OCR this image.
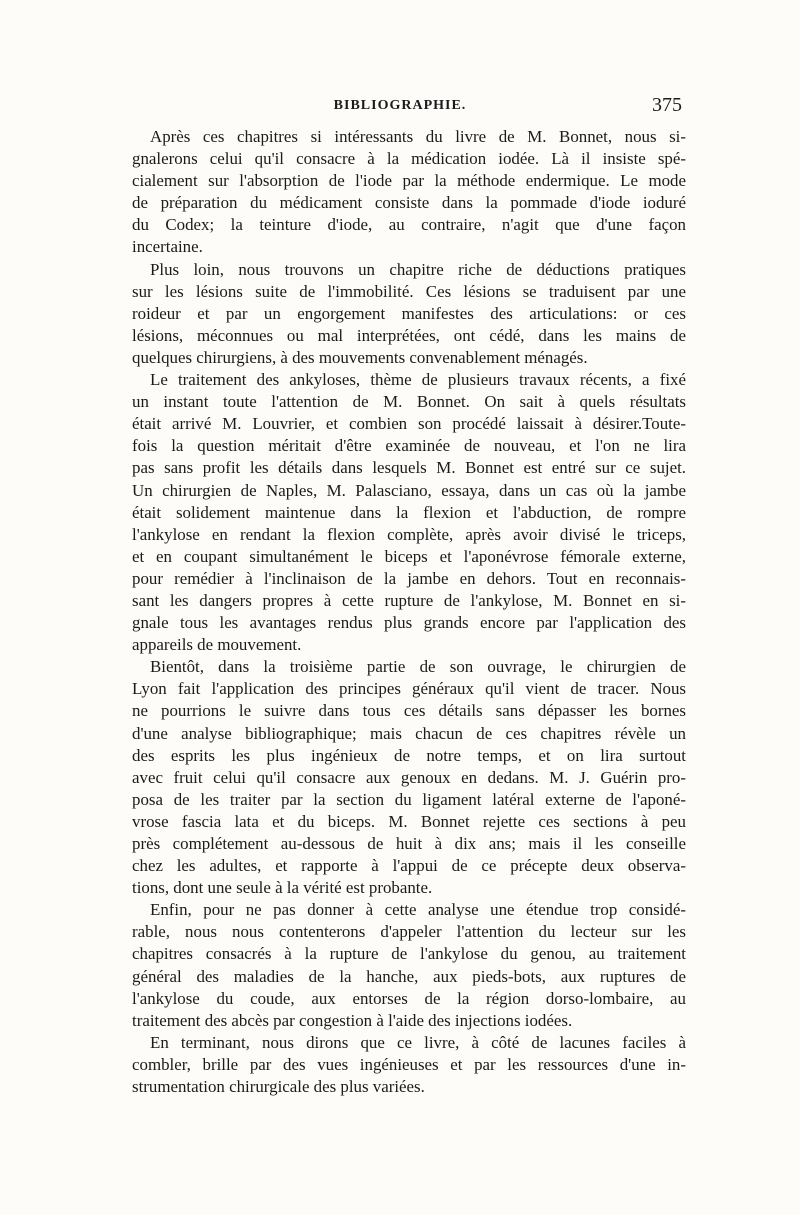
BIBLIOGRAPHIE.	375
Après ces chapitres si intéressants du livre de M. Bonnet, nous si-
gnalerons celui qu'il consacre à la médication iodée. Là il insiste spé-
cialement sur l'absorption de l'iode par la méthode endermique. Le mode
de préparation du médicament consiste dans la pommade d'iode ioduré
du Codex; la teinture d'iode, au contraire, n'agit que d'une façon
incertaine.
Plus loin, nous trouvons un chapitre riche de déductions pratiques
sur les lésions suite de l'immobilité. Ces lésions se traduisent par une
roideur et par un engorgement manifestes des articulations: or ces
lésions, méconnues ou mal interprétées, ont cédé, dans les mains de
quelques chirurgiens, à des mouvements convenablement ménagés.
Le traitement des ankyloses, thème de plusieurs travaux récents, a fixé
un instant toute l'attention de M. Bonnet. On sait à quels résultats
était arrivé M. Louvrier, et combien son procédé laissait à désirer.Toute-
fois la question méritait d'être examinée de nouveau, et l'on ne lira
pas sans profit les détails dans lesquels M. Bonnet est entré sur ce sujet.
Un chirurgien de Naples, M. Palasciano, essaya, dans un cas où la jambe
était solidement maintenue dans la flexion et l'abduction, de rompre
l'ankylose en rendant la flexion complète, après avoir divisé le triceps,
et en coupant simultanément le biceps et l'aponévrose fémorale externe,
pour remédier à l'inclinaison de la jambe en dehors. Tout en reconnais-
sant les dangers propres à cette rupture de l'ankylose, M. Bonnet en si-
gnale tous les avantages rendus plus grands encore par l'application des
appareils de mouvement.
Bientôt, dans la troisième partie de son ouvrage, le chirurgien de
Lyon fait l'application des principes généraux qu'il vient de tracer. Nous
ne pourrions le suivre dans tous ces détails sans dépasser les bornes
d'une analyse bibliographique; mais chacun de ces chapitres révèle un
des esprits les plus ingénieux de notre temps, et on lira surtout
avec fruit celui qu'il consacre aux genoux en dedans. M. J. Guérin pro-
posa de les traiter par la section du ligament latéral externe de l'aponé-
vrose fascia lata et du biceps. M. Bonnet rejette ces sections à peu
près complétement au-dessous de huit à dix ans; mais il les conseille
chez les adultes, et rapporte à l'appui de ce précepte deux observa-
tions, dont une seule à la vérité est probante.
Enfin, pour ne pas donner à cette analyse une étendue trop considé-
rable, nous nous contenterons d'appeler l'attention du lecteur sur les
chapitres consacrés à la rupture de l'ankylose du genou, au traitement
général des maladies de la hanche, aux pieds-bots, aux ruptures de
l'ankylose du coude, aux entorses de la région dorso-lombaire, au
traitement des abcès par congestion à l'aide des injections iodées.
En terminant, nous dirons que ce livre, à côté de lacunes faciles à
combler, brille par des vues ingénieuses et par les ressources d'une in-
strumentation chirurgicale des plus variées.
